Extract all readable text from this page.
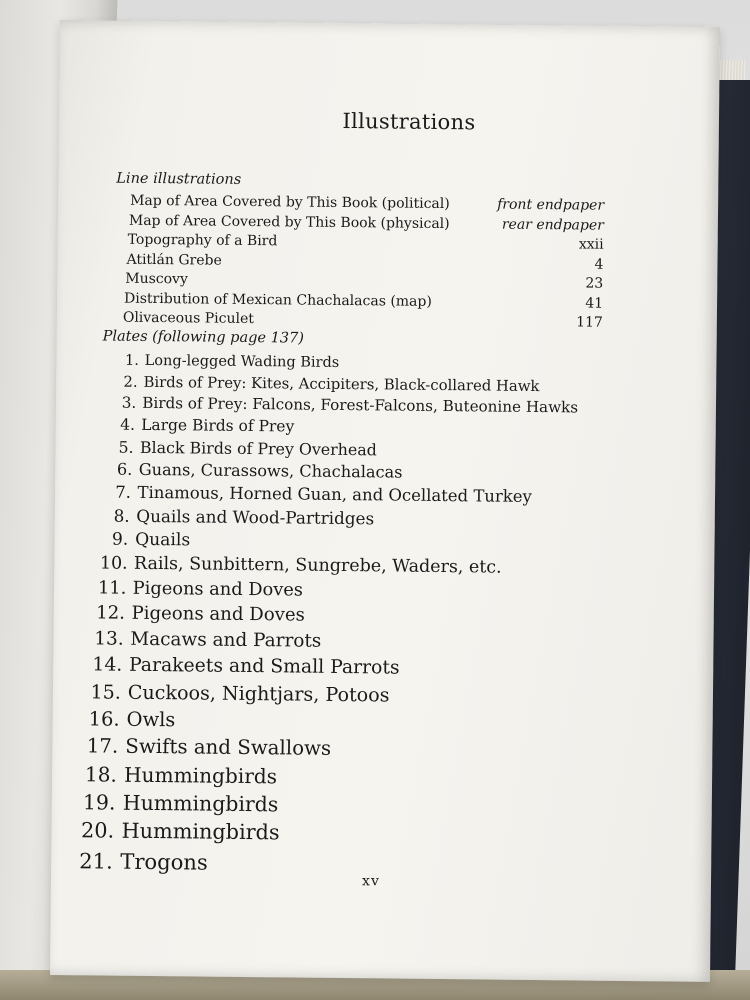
Illustrations
Line illustrations
Map of Area Covered by This Book (political)	front endpaper
Map of Area Covered by This Book (physical)	rear endpaper
Topography of a Bird	xxii
Atitlán Grebe	4
Muscovy	23
Distribution of Mexican Chachalacas (map)	41
Olivaceous Piculet	117
Plates (following page 137)
1. Long-legged Wading Birds
2. Birds of Prey: Kites, Accipiters, Black-collared Hawk
3. Birds of Prey: Falcons, Forest-Falcons, Buteonine Hawks
4. Large Birds of Prey
5. Black Birds of Prey Overhead
6. Guans, Curassows, Chachalacas
7. Tinamous, Horned Guan, and Ocellated Turkey
8. Quails and Wood-Partridges
9. Quails
10. Rails, Sunbittern, Sungrebe, Waders, etc.
11. Pigeons and Doves
12. Pigeons and Doves
13. Macaws and Parrots
14. Parakeets and Small Parrots
15. Cuckoos, Nightjars, Potoos
16. Owls
17. Swifts and Swallows
18. Hummingbirds
19. Hummingbirds
20. Hummingbirds
21. Trogons
xv
